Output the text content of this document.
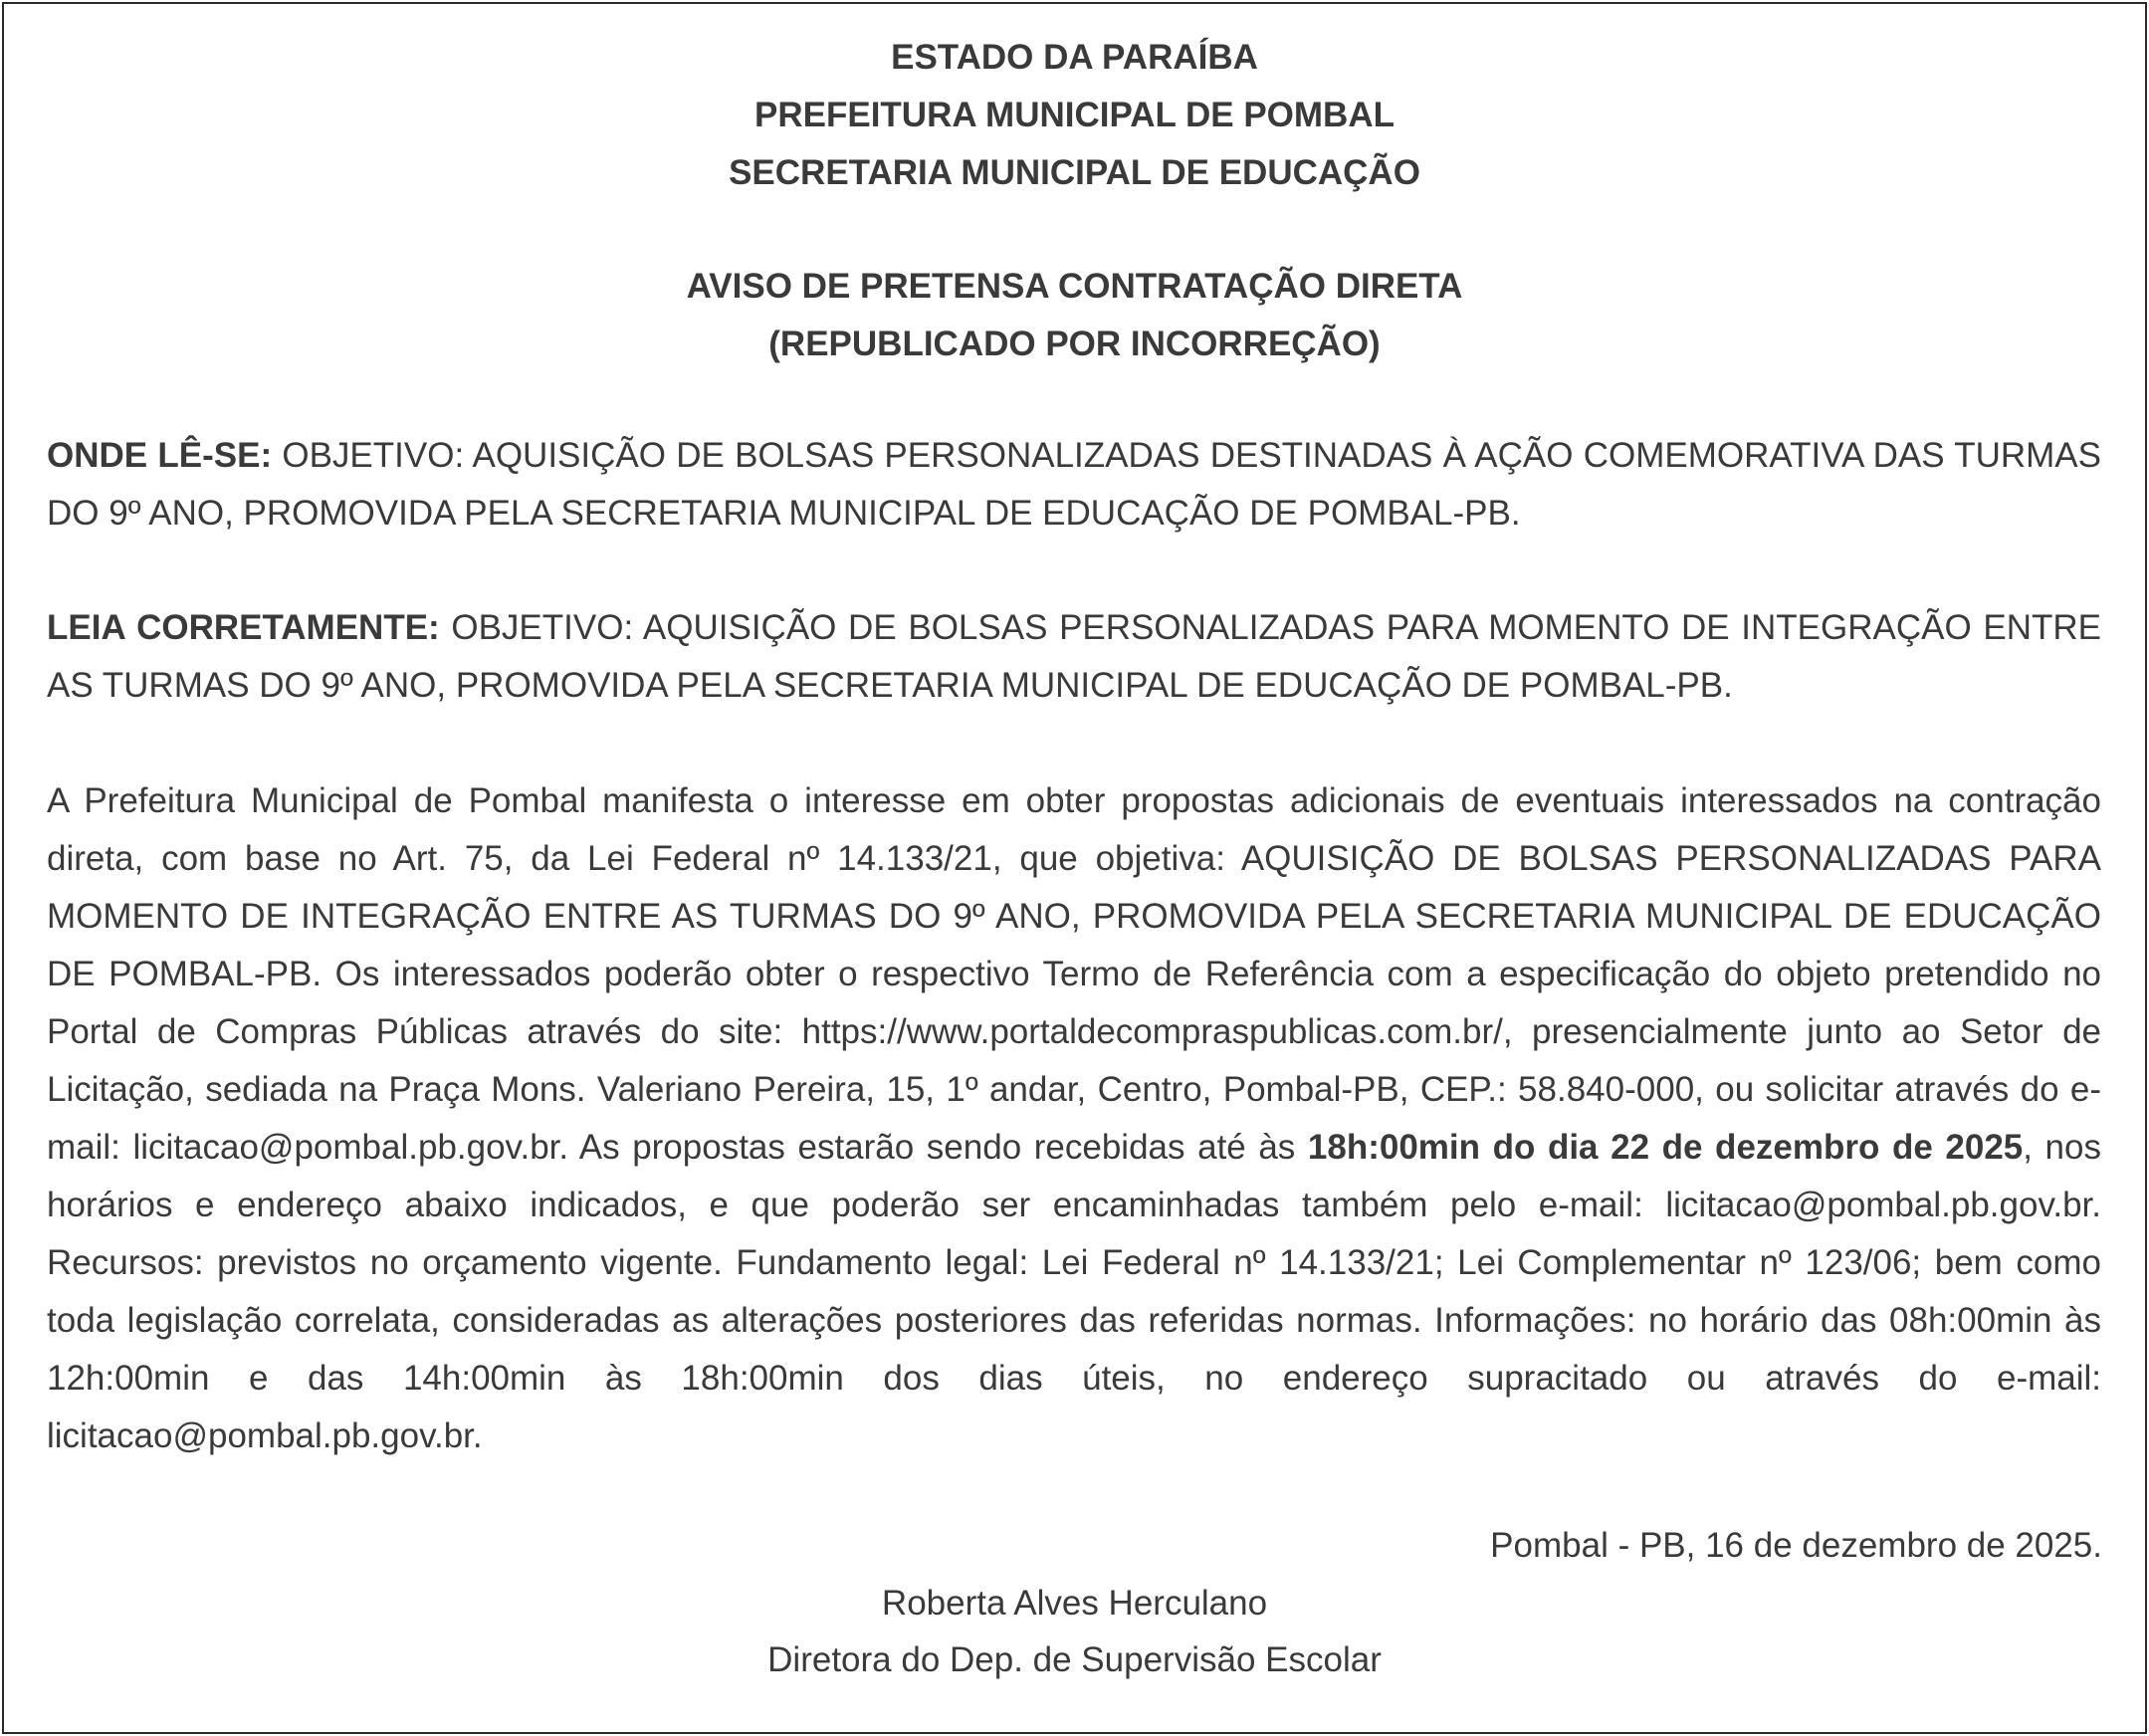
ESTADO DA PARAÍBA
PREFEITURA MUNICIPAL DE POMBAL
SECRETARIA MUNICIPAL DE EDUCAÇÃO
AVISO DE PRETENSA CONTRATAÇÃO DIRETA
(REPUBLICADO POR INCORREÇÃO)
ONDE LÊ-SE: OBJETIVO: AQUISIÇÃO DE BOLSAS PERSONALIZADAS DESTINADAS À AÇÃO COMEMORATIVA DAS TURMAS DO 9º ANO, PROMOVIDA PELA SECRETARIA MUNICIPAL DE EDUCAÇÃO DE POMBAL-PB.
LEIA CORRETAMENTE: OBJETIVO: AQUISIÇÃO DE BOLSAS PERSONALIZADAS PARA MOMENTO DE INTEGRAÇÃO ENTRE AS TURMAS DO 9º ANO, PROMOVIDA PELA SECRETARIA MUNICIPAL DE EDUCAÇÃO DE POMBAL-PB.
A Prefeitura Municipal de Pombal manifesta o interesse em obter propostas adicionais de eventuais interessados na contração direta, com base no Art. 75, da Lei Federal nº 14.133/21, que objetiva: AQUISIÇÃO DE BOLSAS PERSONALIZADAS PARA MOMENTO DE INTEGRAÇÃO ENTRE AS TURMAS DO 9º ANO, PROMOVIDA PELA SECRETARIA MUNICIPAL DE EDUCAÇÃO DE POMBAL-PB. Os interessados poderão obter o respectivo Termo de Referência com a especificação do objeto pretendido no Portal de Compras Públicas através do site: https://www.portaldecompraspublicas.com.br/, presencialmente junto ao Setor de Licitação, sediada na Praça Mons. Valeriano Pereira, 15, 1º andar, Centro, Pombal-PB, CEP.: 58.840-000, ou solicitar através do e-mail: licitacao@pombal.pb.gov.br. As propostas estarão sendo recebidas até às 18h:00min do dia 22 de dezembro de 2025, nos horários e endereço abaixo indicados, e que poderão ser encaminhadas também pelo e-mail: licitacao@pombal.pb.gov.br. Recursos: previstos no orçamento vigente. Fundamento legal: Lei Federal nº 14.133/21; Lei Complementar nº 123/06; bem como toda legislação correlata, consideradas as alterações posteriores das referidas normas. Informações: no horário das 08h:00min às 12h:00min e das 14h:00min às 18h:00min dos dias úteis, no endereço supracitado ou através do e-mail: licitacao@pombal.pb.gov.br.
Pombal - PB, 16 de dezembro de 2025.
Roberta Alves Herculano
Diretora do Dep. de Supervisão Escolar
